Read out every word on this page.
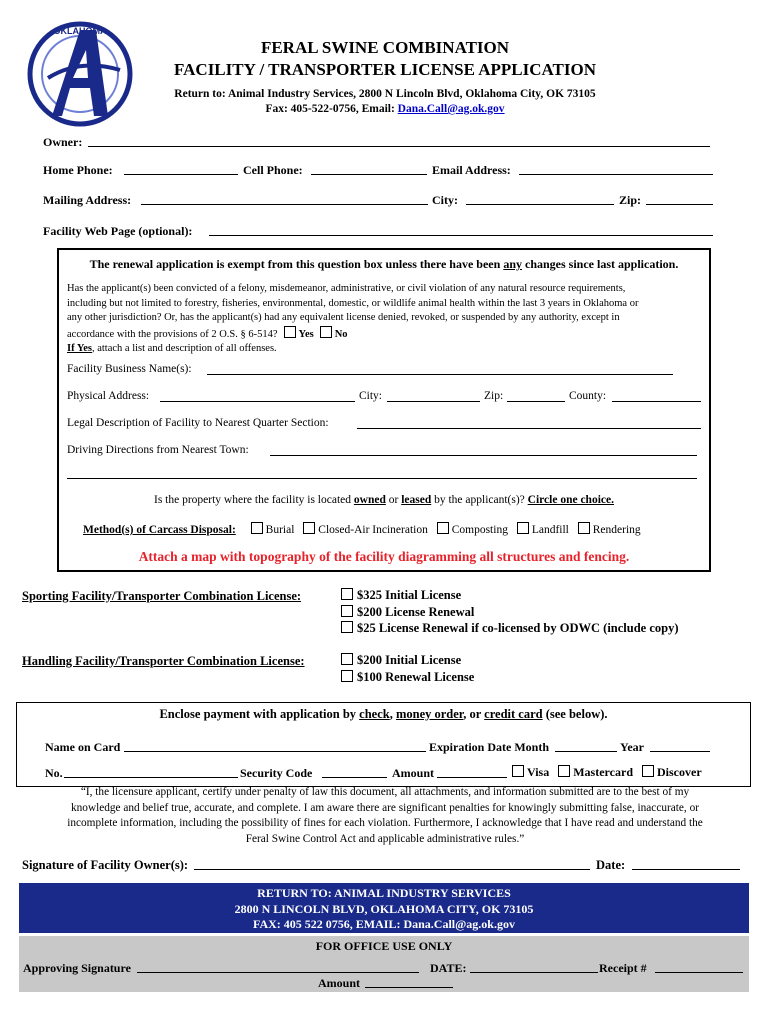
OKLAHOMA
FERAL SWINE COMBINATION
FACILITY / TRANSPORTER LICENSE APPLICATION
Return to: Animal Industry Services, 2800 N Lincoln Blvd, Oklahoma City, OK 73105
Fax: 405-522-0756, Email: Dana.Call@ag.ok.gov
Owner:
Home Phone:	Cell Phone:	Email Address:
Mailing Address:	City:	Zip:
Facility Web Page (optional):
The renewal application is exempt from this question box unless there have been any changes since last application.
Has the applicant(s) been convicted of a felony, misdemeanor, administrative, or civil violation of any natural resource requirements,
including but not limited to forestry, fisheries, environmental, domestic, or wildlife animal health within the last 3 years in Oklahoma or
any other jurisdiction? Or, has the applicant(s) had any equivalent license denied, revoked, or suspended by any authority, except in
accordance with the provisions of 2 O.S. § 6-514? Yes No
If Yes, attach a list and description of all offenses.
Facility Business Name(s):
Physical Address:	City:	Zip:	County:
Legal Description of Facility to Nearest Quarter Section:
Driving Directions from Nearest Town:
Is the property where the facility is located owned or leased by the applicant(s)? Circle one choice.
Method(s) of Carcass Disposal:	Burial Closed-Air Incineration Composting Landfill Rendering
Attach a map with topography of the facility diagramming all structures and fencing.
Sporting Facility/Transporter Combination License:	$325 Initial License
$200 License Renewal
$25 License Renewal if co-licensed by ODWC (include copy)
Handling Facility/Transporter Combination License:	$200 Initial License
$100 Renewal License
Enclose payment with application by check, money order, or credit card (see below).
Name on Card	Expiration Date Month	Year
No.	Security Code	Amount	Visa Mastercard Discover
“I, the licensure applicant, certify under penalty of law this document, all attachments, and information submitted are to the best of my
knowledge and belief true, accurate, and complete. I am aware there are significant penalties for knowingly submitting false, inaccurate, or
incomplete information, including the possibility of fines for each violation. Furthermore, I acknowledge that I have read and understand the
Feral Swine Control Act and applicable administrative rules.”
Signature of Facility Owner(s):	Date:
RETURN TO: ANIMAL INDUSTRY SERVICES
2800 N LINCOLN BLVD, OKLAHOMA CITY, OK 73105
FAX: 405 522 0756, EMAIL: Dana.Call@ag.ok.gov
FOR OFFICE USE ONLY
Approving Signature	DATE:	Receipt #
Amount
